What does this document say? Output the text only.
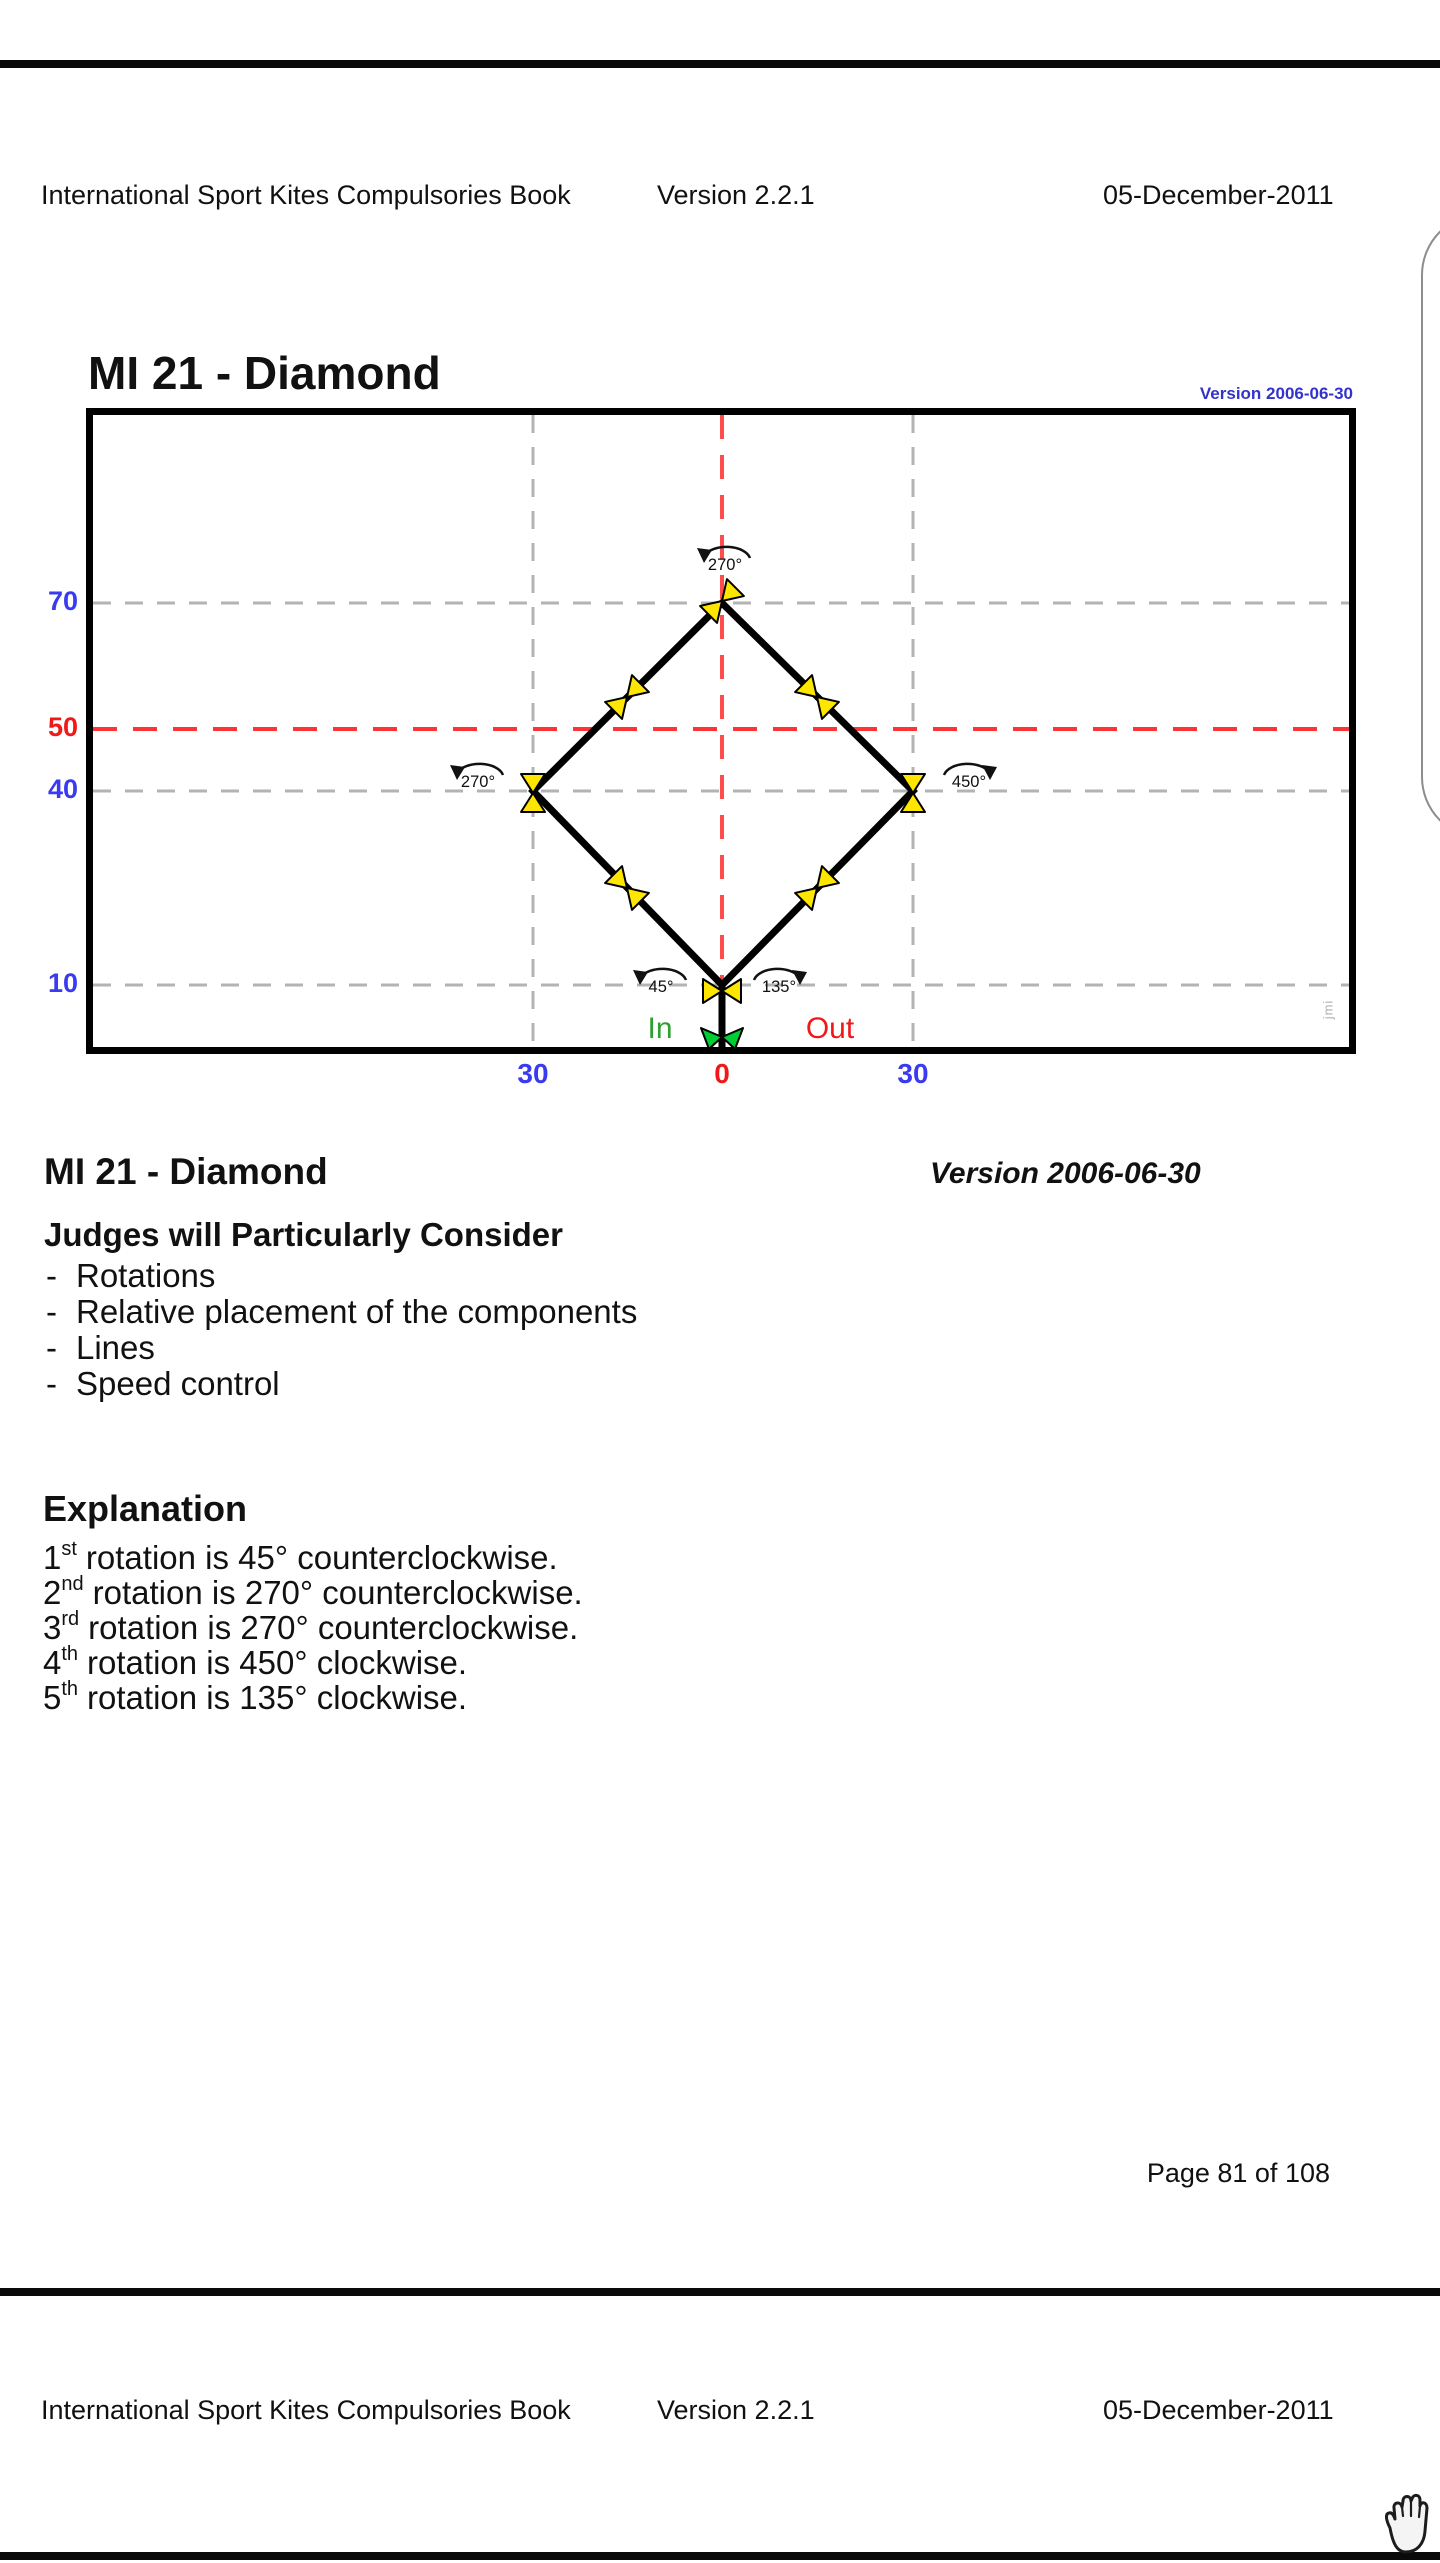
International Sport Kites Compulsories Book	Version 2.2.1	05-December-2011
MI 21 - Diamond	Version 2006-06-30
70
50
40
10
30	0	30
In	Out
270°
270°	450°
45°	135°
jmi
MI 21 - Diamond	Version 2006-06-30
Judges will Particularly Consider
- Rotations
- Relative placement of the components
- Lines
- Speed control
Explanation
1st rotation is 45° counterclockwise.
2nd rotation is 270° counterclockwise.
3rd rotation is 270° counterclockwise.
4th rotation is 450° clockwise.
5th rotation is 135° clockwise.
Page 81 of 108
International Sport Kites Compulsories Book	Version 2.2.1	05-December-2011
